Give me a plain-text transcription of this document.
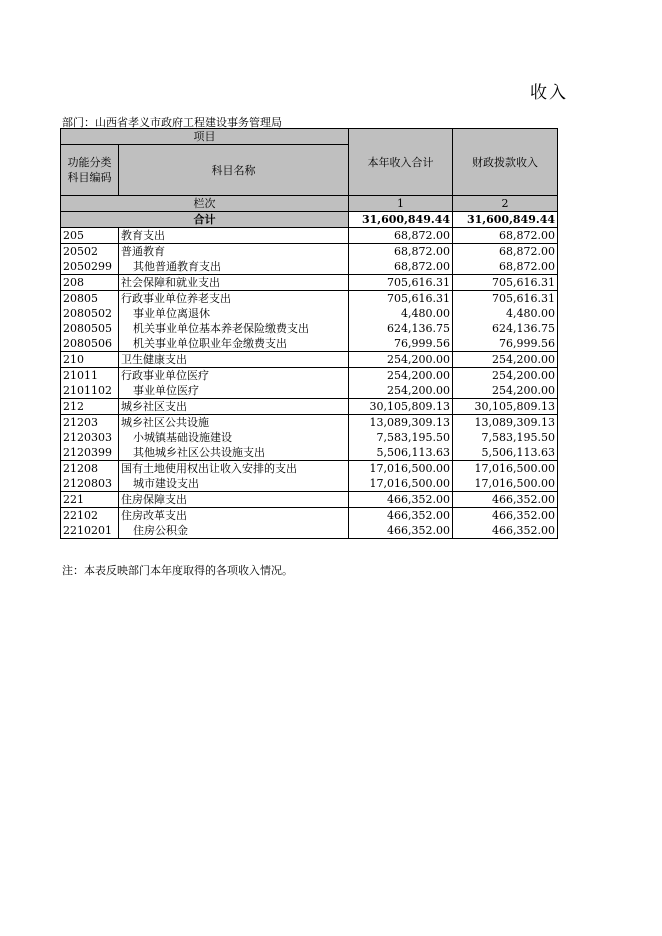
收入
部门：山西省孝义市政府工程建设事务管理局
项目		本年收入合计	财政拨款收入
功能分类
科目编码	科目名称		
栏次		1	2
合计		31,600,849.44	31,600,849.44
205	教育支出	68,872.00	68,872.00
20502	普通教育	68,872.00	68,872.00
2050299	其他普通教育支出	68,872.00	68,872.00
208	社会保障和就业支出	705,616.31	705,616.31
20805	行政事业单位养老支出	705,616.31	705,616.31
2080502	事业单位离退休	4,480.00	4,480.00
2080505	机关事业单位基本养老保险缴费支出	624,136.75	624,136.75
2080506	机关事业单位职业年金缴费支出	76,999.56	76,999.56
210	卫生健康支出	254,200.00	254,200.00
21011	行政事业单位医疗	254,200.00	254,200.00
2101102	事业单位医疗	254,200.00	254,200.00
212	城乡社区支出	30,105,809.13	30,105,809.13
21203	城乡社区公共设施	13,089,309.13	13,089,309.13
2120303	小城镇基础设施建设	7,583,195.50	7,583,195.50
2120399	其他城乡社区公共设施支出	5,506,113.63	5,506,113.63
21208	国有土地使用权出让收入安排的支出	17,016,500.00	17,016,500.00
2120803	城市建设支出	17,016,500.00	17,016,500.00
221	住房保障支出	466,352.00	466,352.00
22102	住房改革支出	466,352.00	466,352.00
2210201	住房公积金	466,352.00	466,352.00
注：本表反映部门本年度取得的各项收入情况。
